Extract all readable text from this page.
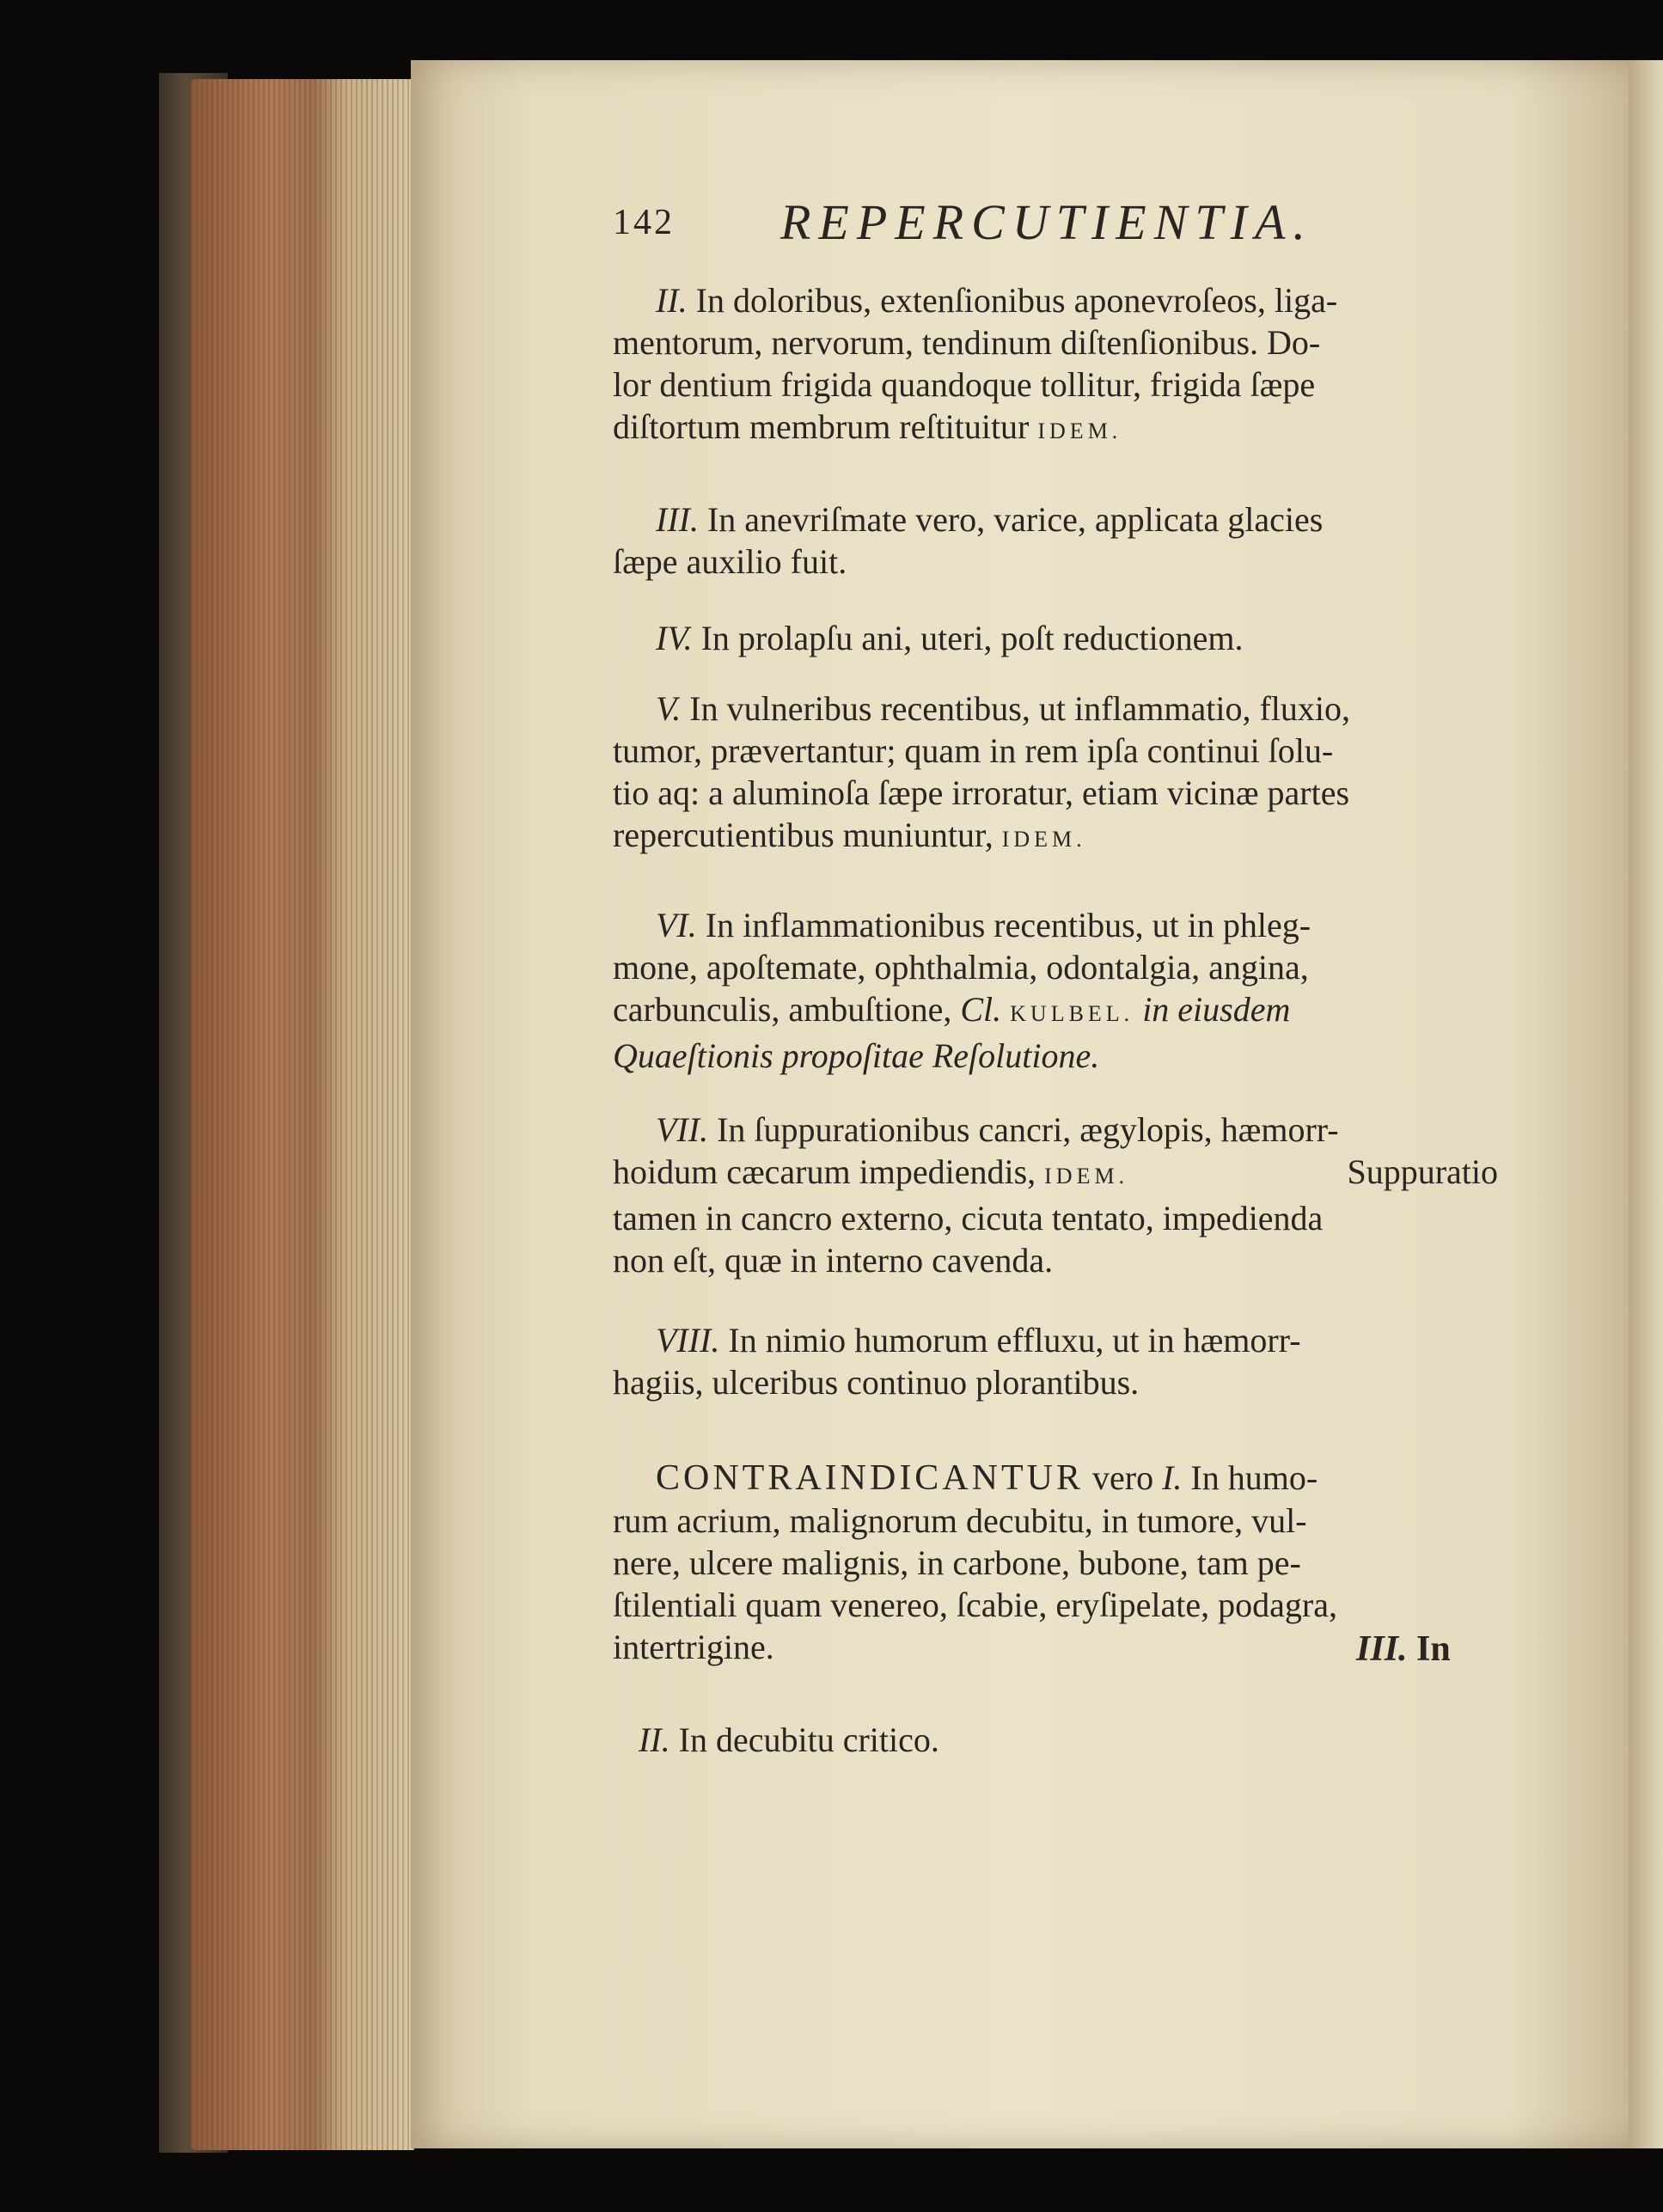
142 REPERCUTIENTIA.
II. In doloribus, extenſionibus aponevroſeos, liga-
mentorum, nervorum, tendinum diſtenſionibus. Do-
lor dentium frigida quandoque tollitur, frigida ſæpe
diſtortum membrum reſtituitur IDEM.
III. In anevriſmate vero, varice, applicata glacies
ſæpe auxilio fuit.
IV. In prolapſu ani, uteri, poſt reductionem.
V. In vulneribus recentibus, ut inflammatio, fluxio,
tumor, prævertantur; quam in rem ipſa continui ſolu-
tio aq: a aluminoſa ſæpe irroratur, etiam vicinæ partes
repercutientibus muniuntur, IDEM.
VI. In inflammationibus recentibus, ut in phleg-
mone, apoſtemate, ophthalmia, odontalgia, angina,
carbunculis, ambuſtione, Cl. KULBEL. in eiusdem
Quaeſtionis propoſitae Reſolutione.
VII. In ſuppurationibus cancri, ægylopis, hæmorr-
hoidum cæcarum impediendis, IDEM.	Suppuratio
tamen in cancro externo, cicuta tentato, impedienda
non eſt, quæ in interno cavenda.
VIII. In nimio humorum effluxu, ut in hæmorr-
hagiis, ulceribus continuo plorantibus.
CONTRAINDICANTUR vero I. In humo-
rum acrium, malignorum decubitu, in tumore, vul-
nere, ulcere malignis, in carbone, bubone, tam pe-
ſtilentiali quam venereo, ſcabie, eryſipelate, podagra,
intertrigine.
II. In decubitu critico.
III. In
